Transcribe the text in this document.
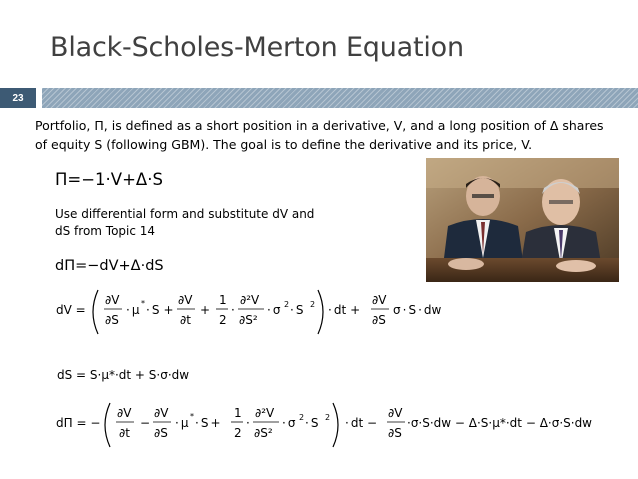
Black-Scholes-Merton Equation
23
Portfolio, Π, is defined as a short position in a derivative, V, and a long position of Δ shares of equity S (following GBM). The goal is to define the derivative and its price, V.
Π=−1·V+Δ·S
Use differential form and substitute dV and dS from Topic 14
dΠ=−dV+Δ·dS
dV =
∂V
∂S
· μ * · S +
∂V
∂t
+
1
2
·
∂²V
∂S²
· σ 2 · S 2 · dt +
∂V
∂S
σ · S · dw
dS = S·μ*·dt + S·σ·dw
dΠ = −
∂V
∂t
−
∂V
∂S
· μ * · S +
1
2
·
∂²V
∂S²
· σ 2 · S 2 · dt −
∂V
∂S
·σ·S·dw − Δ·S·μ*·dt − Δ·σ·S·dw
